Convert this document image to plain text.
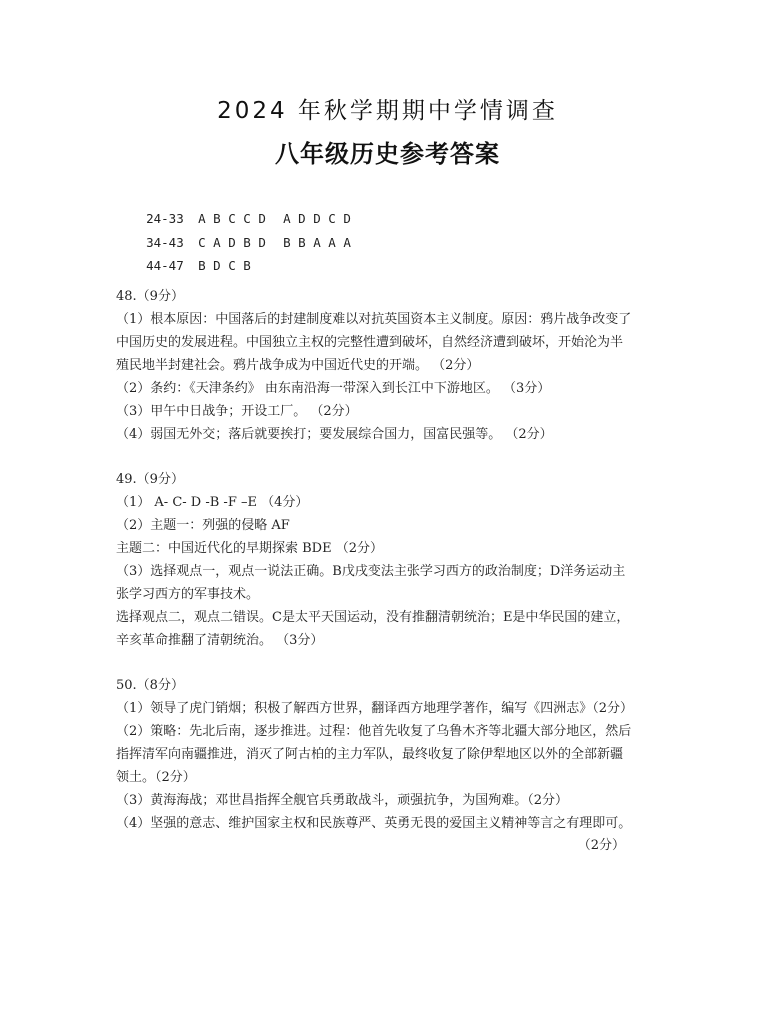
2024 年秋学期期中学情调查
八年级历史参考答案

24-33 A B C C D A D D C D

34-43 C A D B D B B A A A

44-47 B D C B

48.（9分）
（1）根本原因：中国落后的封建制度难以对抗英国资本主义制度。原因：鸦片战争改变了
中国历史的发展进程。中国独立主权的完整性遭到破坏，自然经济遭到破坏，开始沦为半
殖民地半封建社会。鸦片战争成为中国近代史的开端。 （2分）
（2）条约：《天津条约》 由东南沿海一带深入到长江中下游地区。 （3分）
（3）甲午中日战争；开设工厂。 （2分）
（4）弱国无外交；落后就要挨打；要发展综合国力，国富民强等。 （2分）
49.（9分）
（1） A- C- D -B -F –E （4分）
（2）主题一：列强的侵略 AF
主题二：中国近代化的早期探索 BDE （2分）
（3）选择观点一，观点一说法正确。B戊戌变法主张学习西方的政治制度；D洋务运动主
张学习西方的军事技术。
选择观点二，观点二错误。C是太平天国运动，没有推翻清朝统治；E是中华民国的建立，
辛亥革命推翻了清朝统治。 （3分）
50.（8分）
（1）领导了虎门销烟；积极了解西方世界，翻译西方地理学著作，编写《四洲志》（2分）
（2）策略：先北后南，逐步推进。过程：他首先收复了乌鲁木齐等北疆大部分地区，然后
指挥清军向南疆推进，消灭了阿古柏的主力军队，最终收复了除伊犁地区以外的全部新疆
领土。（2分）
（3）黄海海战；邓世昌指挥全舰官兵勇敢战斗，顽强抗争，为国殉难。（2分）
（4）坚强的意志、维护国家主权和民族尊严、英勇无畏的爱国主义精神等言之有理即可。
（2分）
